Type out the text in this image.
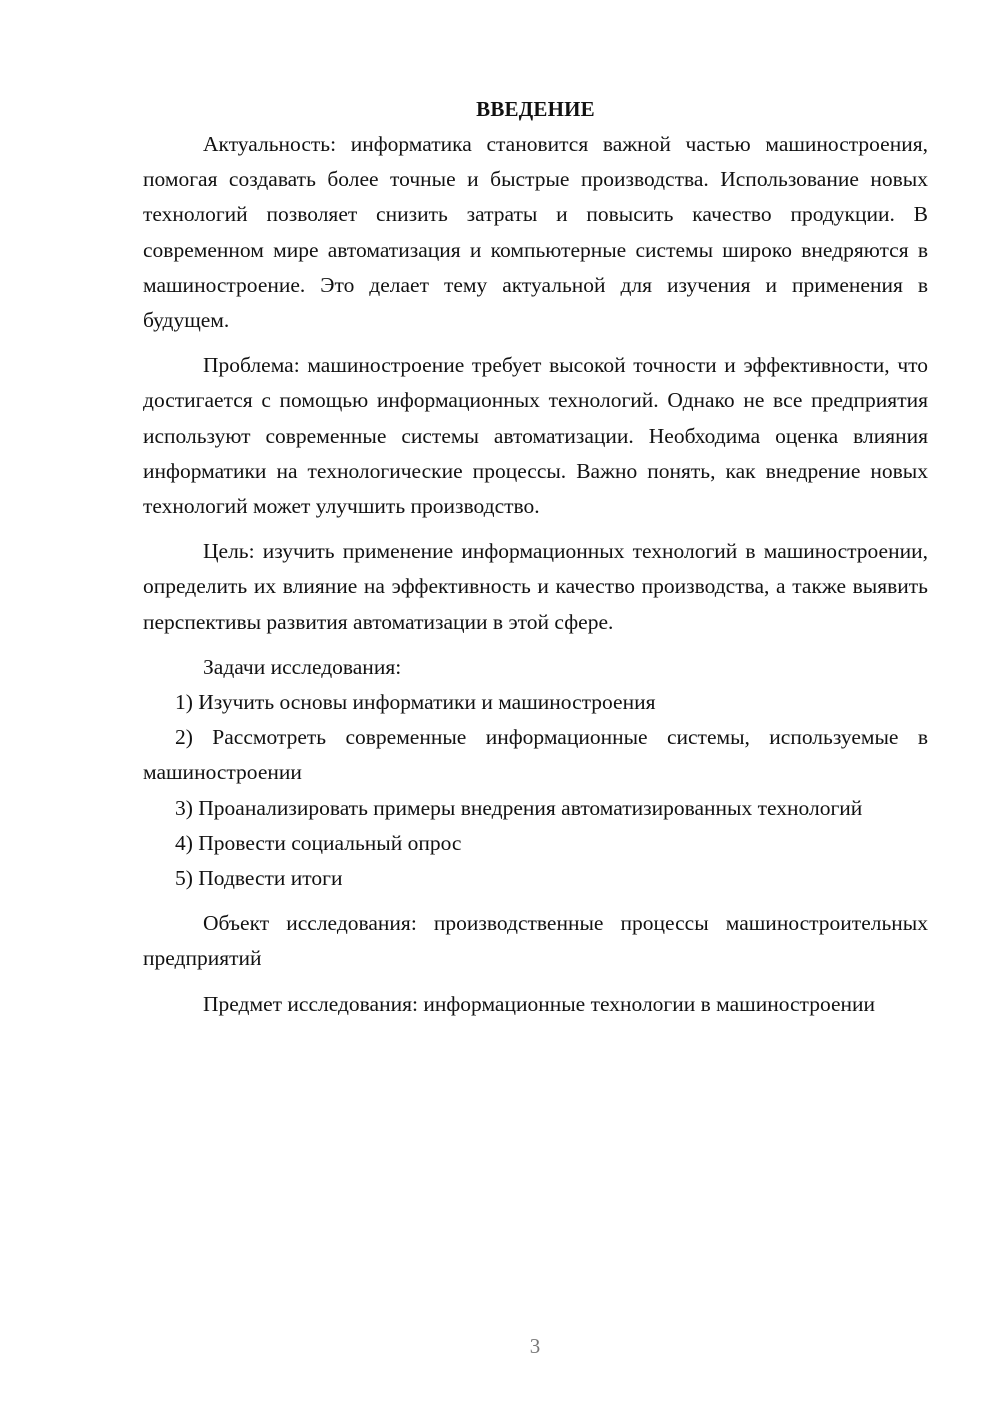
ВВЕДЕНИЕ

Актуальность: информатика становится важной частью машиностроения, помогая создавать более точные и быстрые производства. Использование новых технологий позволяет снизить затраты и повысить качество продукции. В современном мире автоматизация и компьютерные системы широко внедряются в машиностроение. Это делает тему актуальной для изучения и применения в будущем.

Проблема: машиностроение требует высокой точности и эффективности, что достигается с помощью информационных технологий. Однако не все предприятия используют современные системы автоматизации. Необходима оценка влияния информатики на технологические процессы. Важно понять, как внедрение новых технологий может улучшить производство.

Цель: изучить применение информационных технологий в машиностроении, определить их влияние на эффективность и качество производства, а также выявить перспективы развития автоматизации в этой сфере.

Задачи исследования:

1) Изучить основы информатики и машиностроения

2) Рассмотреть современные информационные системы, используемые в машиностроении

3) Проанализировать примеры внедрения автоматизированных технологий

4) Провести социальный опрос

5) Подвести итоги

Объект исследования: производственные процессы машиностроительных предприятий

Предмет исследования: информационные технологии в машиностроении

3
